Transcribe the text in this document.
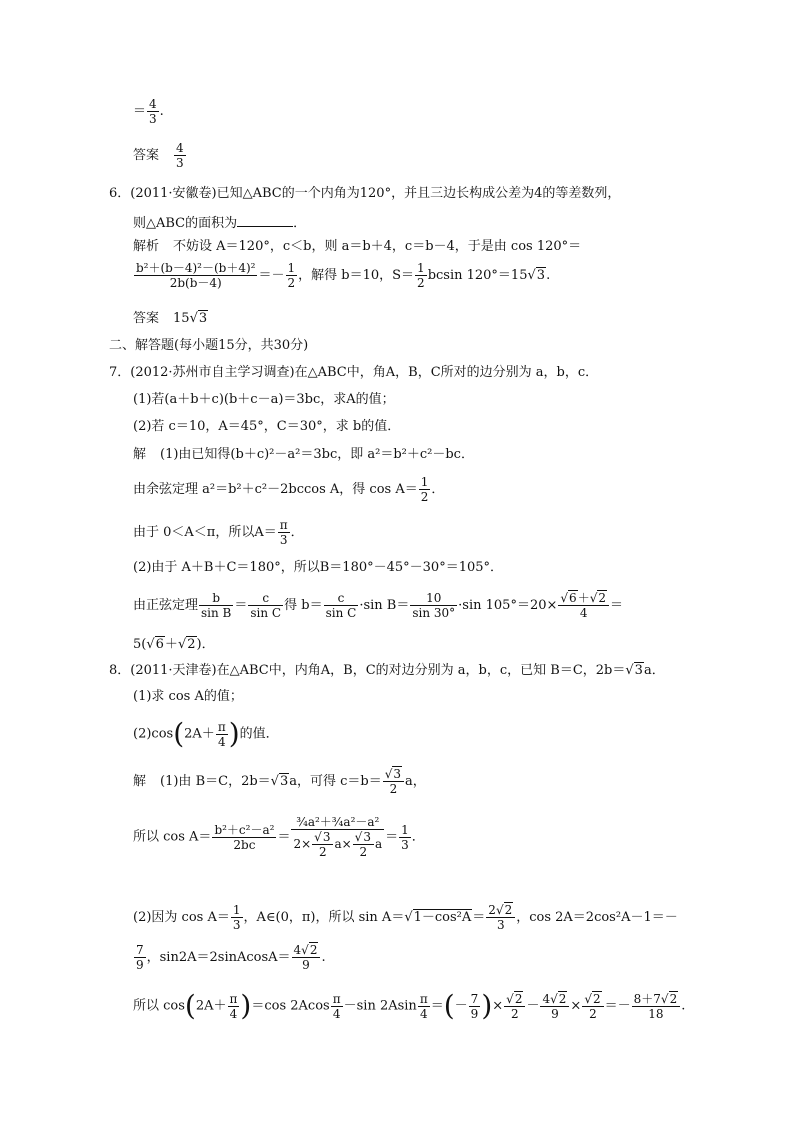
＝ $\frac{4}{3}$ .
答案 $\frac{4}{3}$
6．(2011·安徽卷)已知△ABC的一个内角为120°，并且三边长构成公差为4的等差数列，
则△ABC的面积为	．
解析 不妨设 A＝120°，c＜b，则 a＝b＋4，c＝b－4，于是由 cos 120°＝
$\frac{\text{b²＋(b－4)²－(b＋4)²}}{2b(b-4)} =- \frac{1}{2}$ ，解得 b＝10，$S= \frac{1}{2}$ bcsin 120°＝15√ 3.
答案 15√ 3
二、解答题(每小题15分，共30分)
7．(2012·苏州市自主学习调查)在△ABC中，角A，B，C所对的边分别为 a，b，c．
(1)若(a＋b＋c)(b＋c－a)＝3bc，求A的值；
(2)若 c＝10，A＝45°，C＝30°，求 b的值．
解 (1)由已知得(b＋c)²－a²＝3bc，即 a²＝b²＋c²－bc．
由余弦定理 a²＝b²＋c²－2bccos A，得 $\cos A= \frac{1}{2}$ ．
由于 0＜A＜π，所以$A= \frac{\pi}{3}$ ．
(2)由于 A＋B＋C＝180°，所以B＝180°－45°－30°＝105°．
由正弦定理 $\frac{b}{\text{sin B}} = \frac{c}{\text{sin C}}$ 得 $b= \frac{c}{\text{sin C}} \cdot\sin$ $B= \frac{10}{\sin 30^\circ} \cdot\sin$ 105°＝20×
√ $\frac{6+√ 2}{4}$ ＝
5(√ 6＋√ 2)．
8．(2011·天津卷)在△ABC中，内角A，B，C的对边分别为 a，b，c，已知 B＝C，2b＝√ 3a．
(1)求 cos A的值；
$(2)\cos(2A+ \frac{\pi}{4}$ )的值．
解 (1)由 B＝C，2b＝√ 3a，可得 c＝b＝
√ $\frac{3}{2}$ a，
所以 $\cos A= \frac{\text{b²＋c²－a²}}{2bc}$ ＝ ¾a²＋¾a²－a²
2×
√ $\frac{3}{2} a\times$
√ $\frac{3}{2}$ $a = \frac{1}{3}$ ．
(2)因为 $\cos A= \frac{1}{3}$ ，A∈(0，π)，所以 sin A＝√ $1-\cos^2A= \frac{2√ 2}{3}$ ，cos 2A＝2cos²A－1＝－
$\frac{7}{9}$ ，sin2A＝2sinAcosA＝ $\frac{4√ 2}{9}$ .
所以 $\cos(2A+ \frac{\pi}{4} )=\cos$ $2Acos \frac{\pi}{4} -\sin$ $2Asin \frac{\pi}{4}$ ＝(－ $\frac{7}{9}$ )×
√ $\frac{2}{2} - \frac{4√ 2}{9}$ ×
√ $\frac{2}{2} =- \frac{8+7√ 2}{18}$ .
